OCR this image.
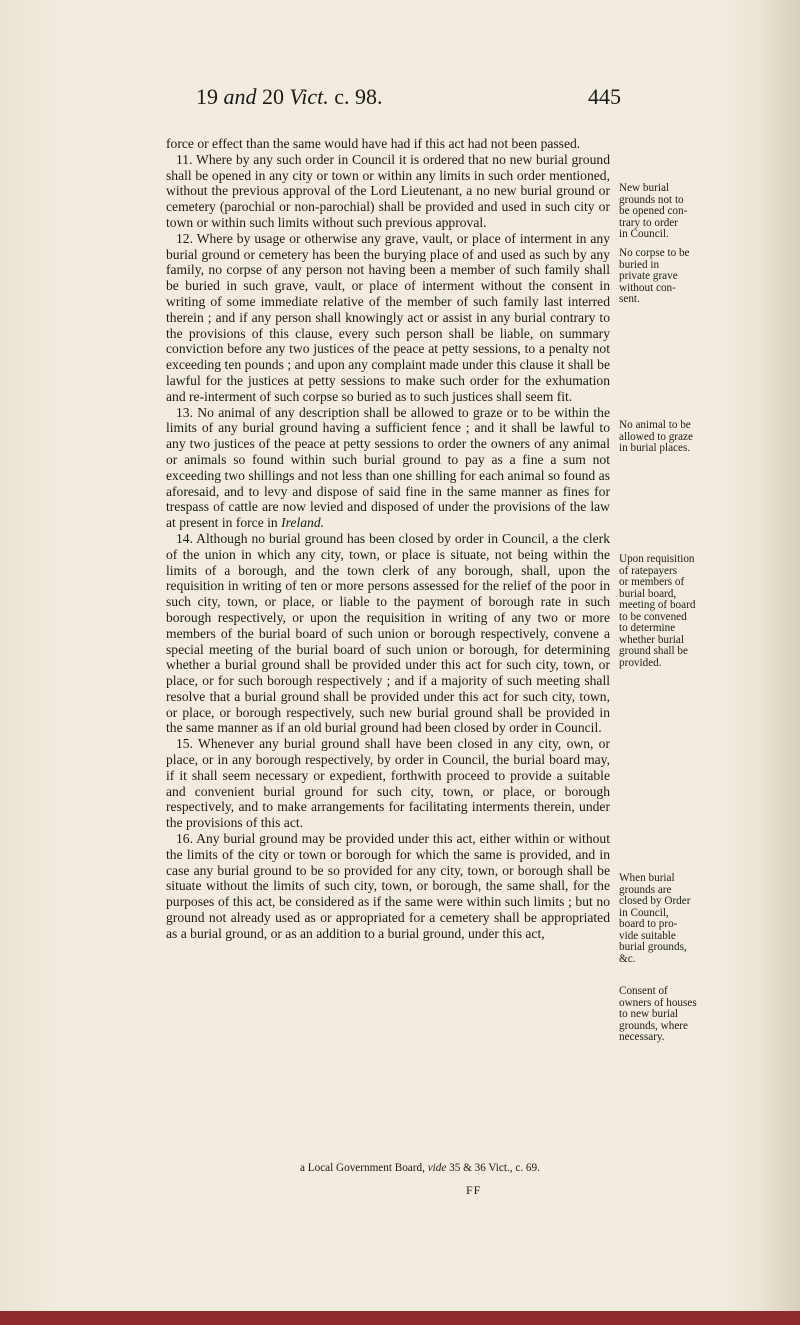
19 and 20 Vict. c. 98.	445

force or effect than the same would have had if this act had not been passed.

11. Where by any such order in Council it is ordered that no new burial ground shall be opened in any city or town or within any limits in such order mentioned, without the previous approval of the Lord Lieutenant, a no new burial ground or cemetery (parochial or non-parochial) shall be provided and used in such city or town or within such limits without such previous approval.

12. Where by usage or otherwise any grave, vault, or place of interment in any burial ground or cemetery has been the burying place of and used as such by any family, no corpse of any person not having been a member of such family shall be buried in such grave, vault, or place of interment without the consent in writing of some immediate relative of the member of such family last interred therein ; and if any person shall knowingly act or assist in any burial contrary to the provisions of this clause, every such person shall be liable, on summary conviction before any two justices of the peace at petty sessions, to a penalty not exceeding ten pounds ; and upon any complaint made under this clause it shall be lawful for the justices at petty sessions to make such order for the exhumation and re-interment of such corpse so buried as to such justices shall seem fit.

13. No animal of any description shall be allowed to graze or to be within the limits of any burial ground having a sufficient fence ; and it shall be lawful to any two justices of the peace at petty sessions to order the owners of any animal or animals so found within such burial ground to pay as a fine a sum not exceeding two shillings and not less than one shilling for each animal so found as aforesaid, and to levy and dispose of said fine in the same manner as fines for trespass of cattle are now levied and disposed of under the provisions of the law at present in force in Ireland.

14. Although no burial ground has been closed by order in Council, a the clerk of the union in which any city, town, or place is situate, not being within the limits of a borough, and the town clerk of any borough, shall, upon the requisition in writing of ten or more persons assessed for the relief of the poor in such city, town, or place, or liable to the payment of borough rate in such borough respectively, or upon the requisition in writing of any two or more members of the burial board of such union or borough respectively, convene a special meeting of the burial board of such union or borough, for determining whether a burial ground shall be provided under this act for such city, town, or place, or for such borough respectively ; and if a majority of such meeting shall resolve that a burial ground shall be provided under this act for such city, town, or place, or borough respectively, such new burial ground shall be provided in the same manner as if an old burial ground had been closed by order in Council.

15. Whenever any burial ground shall have been closed in any city, own, or place, or in any borough respectively, by order in Council, the burial board may, if it shall seem necessary or expedient, forthwith proceed to provide a suitable and convenient burial ground for such city, town, or place, or borough respectively, and to make arrangements for facilitating interments therein, under the provisions of this act.

16. Any burial ground may be provided under this act, either within or without the limits of the city or town or borough for which the same is provided, and in case any burial ground to be so provided for any city, town, or borough shall be situate without the limits of such city, town, or borough, the same shall, for the purposes of this act, be considered as if the same were within such limits ; but no ground not already used as or appropriated for a cemetery shall be appropriated as a burial ground, or as an addition to a burial ground, under this act,

New burial
grounds not to
be opened con-
trary to order
in Council.
No corpse to be
buried in
private grave
without con-
sent.
No animal to be
allowed to graze
in burial places.
Upon requisition
of ratepayers
or members of
burial board,
meeting of board
to be convened
to determine
whether burial
ground shall be
provided.
When burial
grounds are
closed by Order
in Council,
board to pro-
vide suitable
burial grounds,
&c.
Consent of
owners of houses
to new burial
grounds, where
necessary.
a Local Government Board, vide 35 & 36 Vict., c. 69.
FF
